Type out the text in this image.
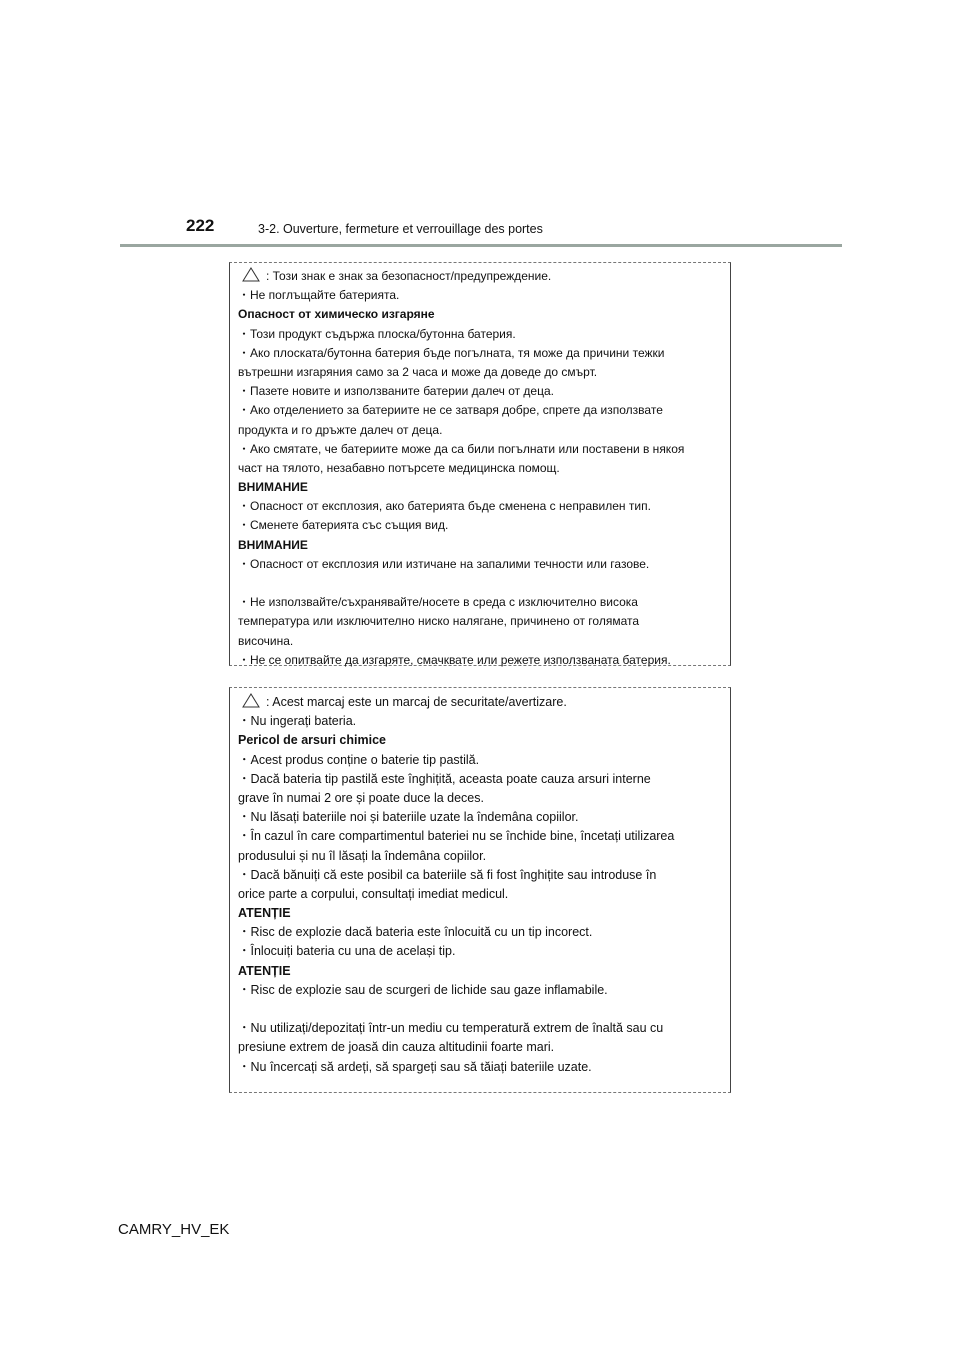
222	3-2. Ouverture, fermeture et verrouillage des portes
: Този знак е знак за безопасност/предупреждение.
・Не поглъщайте батерията.
Опасност от химическо изгаряне
・Този продукт съдържа плоска/бутонна батерия.
・Ако плоската/бутонна батерия бъде погълната, тя може да причини тежки
вътрешни изгаряния само за 2 часа и може да доведе до смърт.
・Пазете новите и използваните батерии далеч от деца.
・Ако отделението за батериите не се затваря добре, спрете да използвате
продукта и го дръжте далеч от деца.
・Ако смятате, че батериите може да са били погълнати или поставени в някоя
част на тялото, незабавно потърсете медицинска помощ.
ВНИМАНИЕ
・Опасност от експлозия, ако батерията бъде сменена с неправилен тип.
・Сменете батерията със същия вид.
ВНИМАНИЕ
・Опасност от експлозия или изтичане на запалими течности или газове.
・Не използвайте/съхранявайте/носете в среда с изключително висока
температура или изключително ниско налягане, причинено от голямата
височина.
・Не се опитвайте да изгаряте, смачквате или режете използваната батерия.
: Acest marcaj este un marcaj de securitate/avertizare.
・Nu ingerați bateria.
Pericol de arsuri chimice
・Acest produs conține o baterie tip pastilă.
・Dacă bateria tip pastilă este înghițită, aceasta poate cauza arsuri interne
grave în numai 2 ore și poate duce la deces.
・Nu lăsați bateriile noi și bateriile uzate la îndemâna copiilor.
・În cazul în care compartimentul bateriei nu se închide bine, încetați utilizarea
produsului și nu îl lăsați la îndemâna copiilor.
・Dacă bănuiți că este posibil ca bateriile să fi fost înghițite sau introduse în
orice parte a corpului, consultați imediat medicul.
ATENȚIE
・Risc de explozie dacă bateria este înlocuită cu un tip incorect.
・Înlocuiți bateria cu una de același tip.
ATENȚIE
・Risc de explozie sau de scurgeri de lichide sau gaze inflamabile.
・Nu utilizați/depozitați într-un mediu cu temperatură extrem de înaltă sau cu
presiune extrem de joasă din cauza altitudinii foarte mari.
・Nu încercați să ardeți, să spargeți sau să tăiați bateriile uzate.
CAMRY_HV_EK
